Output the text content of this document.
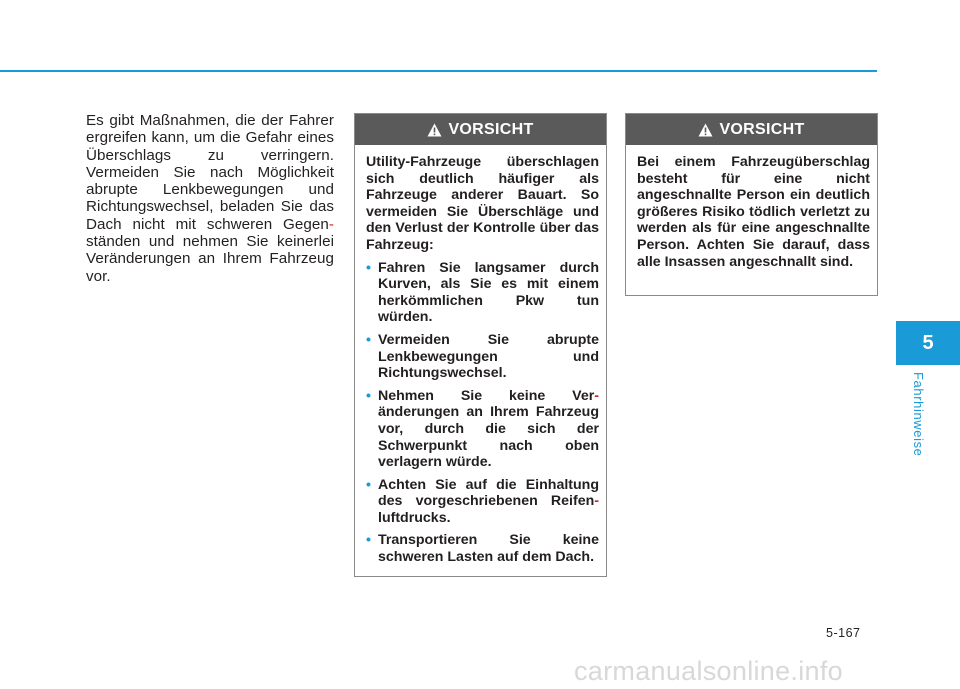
Es gibt Maßnahmen, die der Fahrer ergreifen kann, um die Gefahr eines Überschlags zu verringern. Vermeiden Sie nach Möglichkeit abrupte Lenkbewegungen und Richtungswechsel, beladen Sie das Dach nicht mit schweren Gegen- ständen und nehmen Sie keinerlei Veränderungen an Ihrem Fahrzeug vor.

VORSICHT

Utility-Fahrzeuge überschlagen sich deutlich häufiger als Fahrzeuge anderer Bauart. So vermeiden Sie Überschläge und den Verlust der Kontrolle über das Fahrzeug:

• Fahren Sie langsamer durch Kurven, als Sie es mit einem herkömmlichen Pkw tun würden.
• Vermeiden Sie abrupte Lenkbewegungen und Richtungswechsel.
• Nehmen Sie keine Ver- änderungen an Ihrem Fahrzeug vor, durch die sich der Schwerpunkt nach oben verlagern würde.
• Achten Sie auf die Einhaltung des vorgeschriebenen Reifen- luftdrucks.
• Transportieren Sie keine schweren Lasten auf dem Dach.
VORSICHT

Bei einem Fahrzeugüberschlag besteht für eine nicht angeschnallte Person ein deutlich größeres Risiko tödlich verletzt zu werden als für eine angeschnallte Person. Achten Sie darauf, dass alle Insassen angeschnallt sind.

5
Fahrhinweise
5-167
carmanualsonline.info
